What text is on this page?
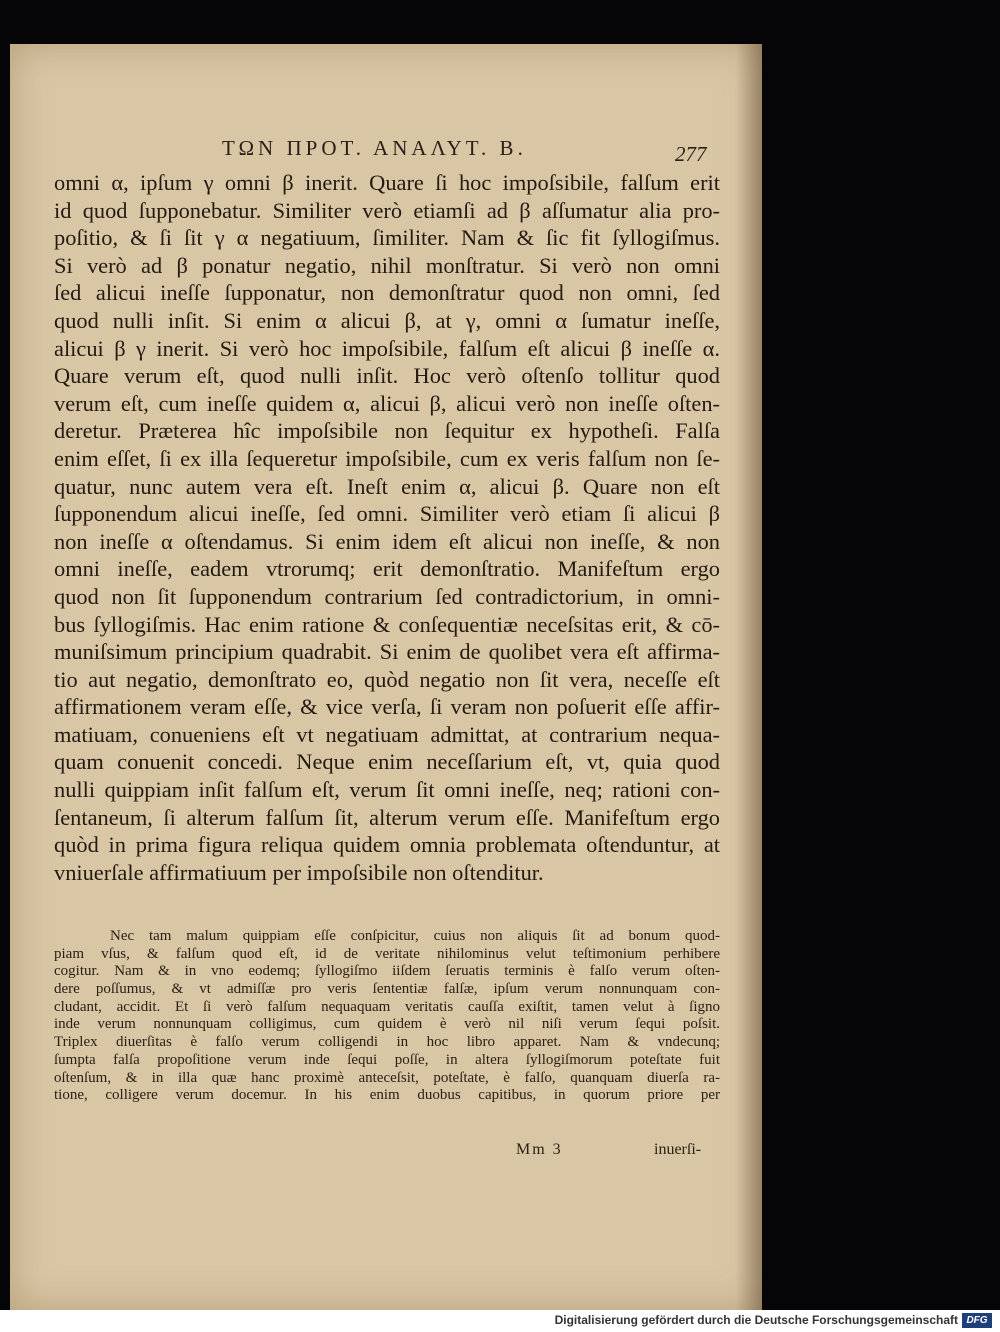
ΤΩΝ ΠΡΟΤ. ΑΝΑΛΥΤ. Β.	277
omni α, ipſum γ omni β inerit. Quare ſi hoc impoſsibile, falſum erit
id quod ſupponebatur. Similiter verò etiamſi ad β aſſumatur alia pro-
poſitio, & ſi ſit γ α negatiuum, ſimiliter. Nam & ſic fit ſyllogiſmus.
Si verò ad β ponatur negatio, nihil monſtratur. Si verò non omni
ſed alicui ineſſe ſupponatur, non demonſtratur quod non omni, ſed
quod nulli inſit. Si enim α alicui β, at γ, omni α ſumatur ineſſe,
alicui β γ inerit. Si verò hoc impoſsibile, falſum eſt alicui β ineſſe α.
Quare verum eſt, quod nulli inſit. Hoc verò oſtenſo tollitur quod
verum eſt, cum ineſſe quidem α, alicui β, alicui verò non ineſſe oſten-
deretur. Præterea hîc impoſsibile non ſequitur ex hypotheſi. Falſa
enim eſſet, ſi ex illa ſequeretur impoſsibile, cum ex veris falſum non ſe-
quatur, nunc autem vera eſt. Ineſt enim α, alicui β. Quare non eſt
ſupponendum alicui ineſſe, ſed omni. Similiter verò etiam ſi alicui β
non ineſſe α oſtendamus. Si enim idem eſt alicui non ineſſe, & non
omni ineſſe, eadem vtrorumq; erit demonſtratio. Manifeſtum ergo
quod non ſit ſupponendum contrarium ſed contradictorium, in omni-
bus ſyllogiſmis. Hac enim ratione & conſequentiæ neceſsitas erit, & cō-
muniſsimum principium quadrabit. Si enim de quolibet vera eſt affirma-
tio aut negatio, demonſtrato eo, quòd negatio non ſit vera, neceſſe eſt
affirmationem veram eſſe, & vice verſa, ſi veram non poſuerit eſſe affir-
matiuam, conueniens eſt vt negatiuam admittat, at contrarium nequa-
quam conuenit concedi. Neque enim neceſſarium eſt, vt, quia quod
nulli quippiam inſit falſum eſt, verum ſit omni ineſſe, neq; rationi con-
ſentaneum, ſi alterum falſum ſit, alterum verum eſſe. Manifeſtum ergo
quòd in prima figura reliqua quidem omnia problemata oſtenduntur, at
vniuerſale affirmatiuum per impoſsibile non oſtenditur.
Nec tam malum quippiam eſſe conſpicitur, cuius non aliquis ſit ad bonum quod-
piam vſus, & falſum quod eſt, id de veritate nihilominus velut teſtimonium perhibere
cogitur. Nam & in vno eodemq; ſyllogiſmo iiſdem ſeruatis terminis è falſo verum oſten-
dere poſſumus, & vt admiſſæ pro veris ſententiæ falſæ, ipſum verum nonnunquam con-
cludant, accidit. Et ſi verò falſum nequaquam veritatis cauſſa exiſtit, tamen velut à ſigno
inde verum nonnunquam colligimus, cum quidem è verò nil niſi verum ſequi poſsit.
Triplex diuerſitas è falſo verum colligendi in hoc libro apparet. Nam & vndecunq;
ſumpta falſa propoſitione verum inde ſequi poſſe, in altera ſyllogiſmorum poteſtate fuit
oſtenſum, & in illa quæ hanc proximè anteceſsit, poteſtate, è falſo, quanquam diuerſa ra-
tione, colligere verum docemur. In his enim duobus capitibus, in quorum priore per
Mm 3	inuerſi-
Digitalisierung gefördert durch die Deutsche Forschungsgemeinschaft DFG
